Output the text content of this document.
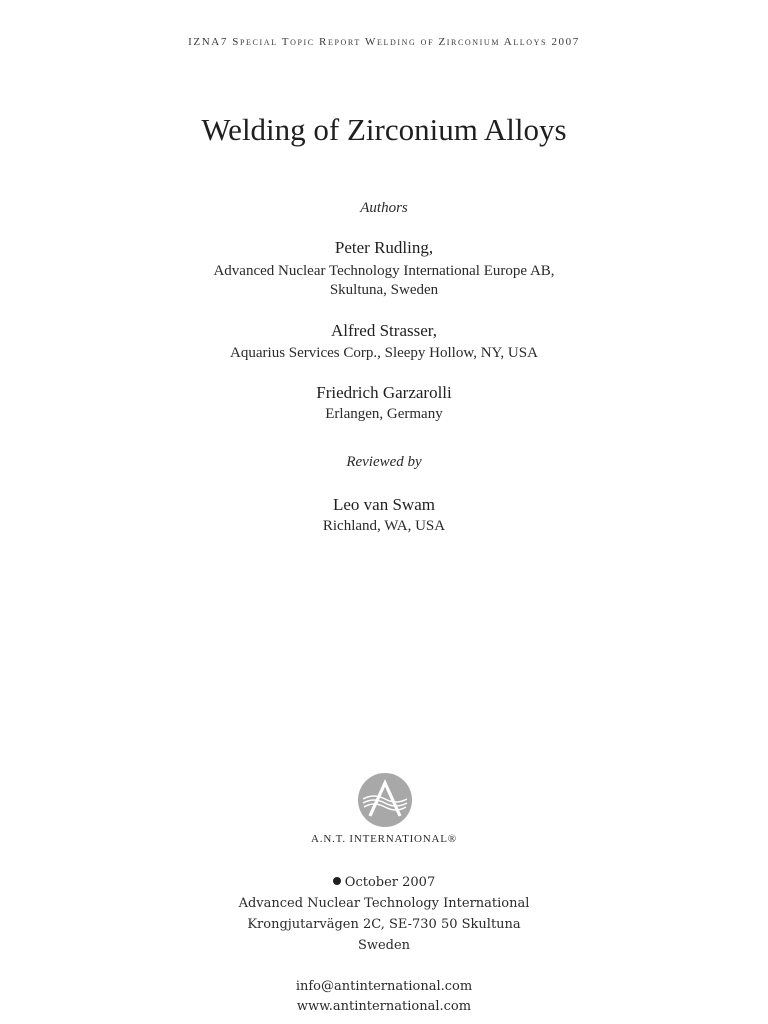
IZNA7 Special Topic Report Welding of Zirconium Alloys 2007

Welding of Zirconium Alloys

Authors

Peter Rudling,

Advanced Nuclear Technology International Europe AB,

Skultuna, Sweden

Alfred Strasser,

Aquarius Services Corp., Sleepy Hollow, NY, USA

Friedrich Garzarolli

Erlangen, Germany

Reviewed by

Leo van Swam

Richland, WA, USA

A.N.T. INTERNATIONAL®

October 2007

Advanced Nuclear Technology International

Krongjutarvägen 2C, SE-730 50 Skultuna

Sweden

info@antinternational.com

www.antinternational.com
